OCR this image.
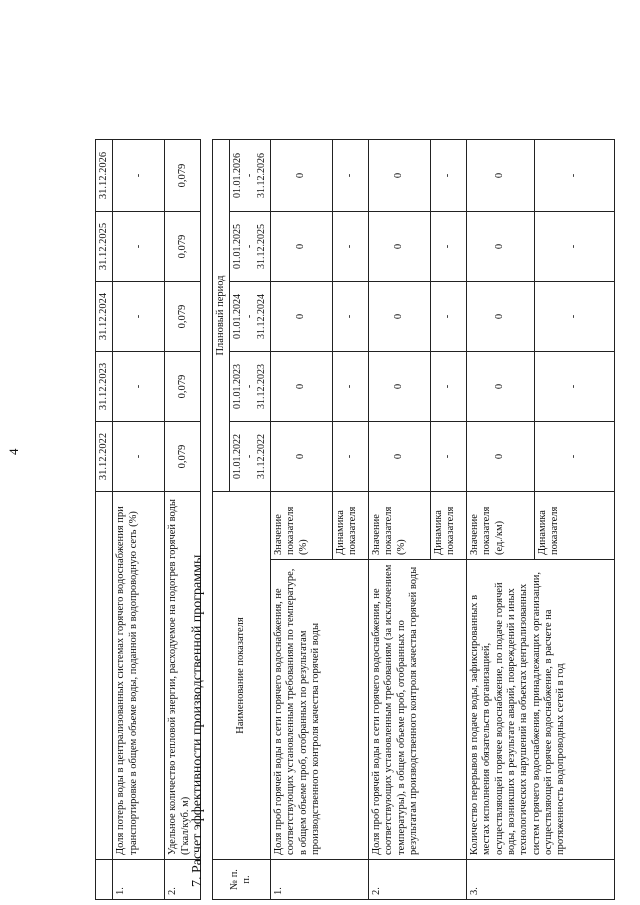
4
			31.12.2022	31.12.2023	31.12.2024	31.12.2025	31.12.2026
1.	Доля потерь воды в централизованных системах горячего водоснабжения при транспортировке в общем объеме воды, поданной в водопроводную сеть (%)	-	-	-	-	-
2.	Удельное количество тепловой энергии, расходуемое на подогрев горячей воды (Гкал/куб. м)	0,079	0,079	0,079	0,079	0,079
7. Расчет эффективности производственной программы № п. п.	Наименование показателя		Плановый период				

			01.01.2022 - 31.12.2022	01.01.2023 - 31.12.2023	01.01.2024 - 31.12.2024	01.01.2025 - 31.12.2025	01.01.2026 - 31.12.2026

1.	Доля проб горячей воды в сети горячего водоснабжения, не соответствующих установленным требованиям по температуре, в общем объеме проб, отобранных по результатам производственного контроля качества горячей воды	Значение показателя (%)	0	0	0	0	0
		Динамика показателя	-	-	-	-	-
2.	Доля проб горячей воды в сети горячего водоснабжения, не соответствующих установленным требованиям (за исключением температуры), в общем объеме проб, отобранных по результатам производственного контроля качества горячей воды	Значение показателя (%)	0	0	0	0	0
		Динамика показателя	-	-	-	-	-
3.	Количество перерывов в подаче воды, зафиксированных в местах исполнения обязательств организацией, осуществляющей горячее водоснабжение, по подаче горячей воды, возникших в результате аварий, повреждений и иных технологических нарушений на объектах централизованных систем горячего водоснабжения, принадлежащих организации, осуществляющей горячее водоснабжение, в расчете на протяженность водопроводных сетей в год	Значение показателя (ед./км)	0	0	0	0	0
		Динамика показателя	-	-	-	-	-
